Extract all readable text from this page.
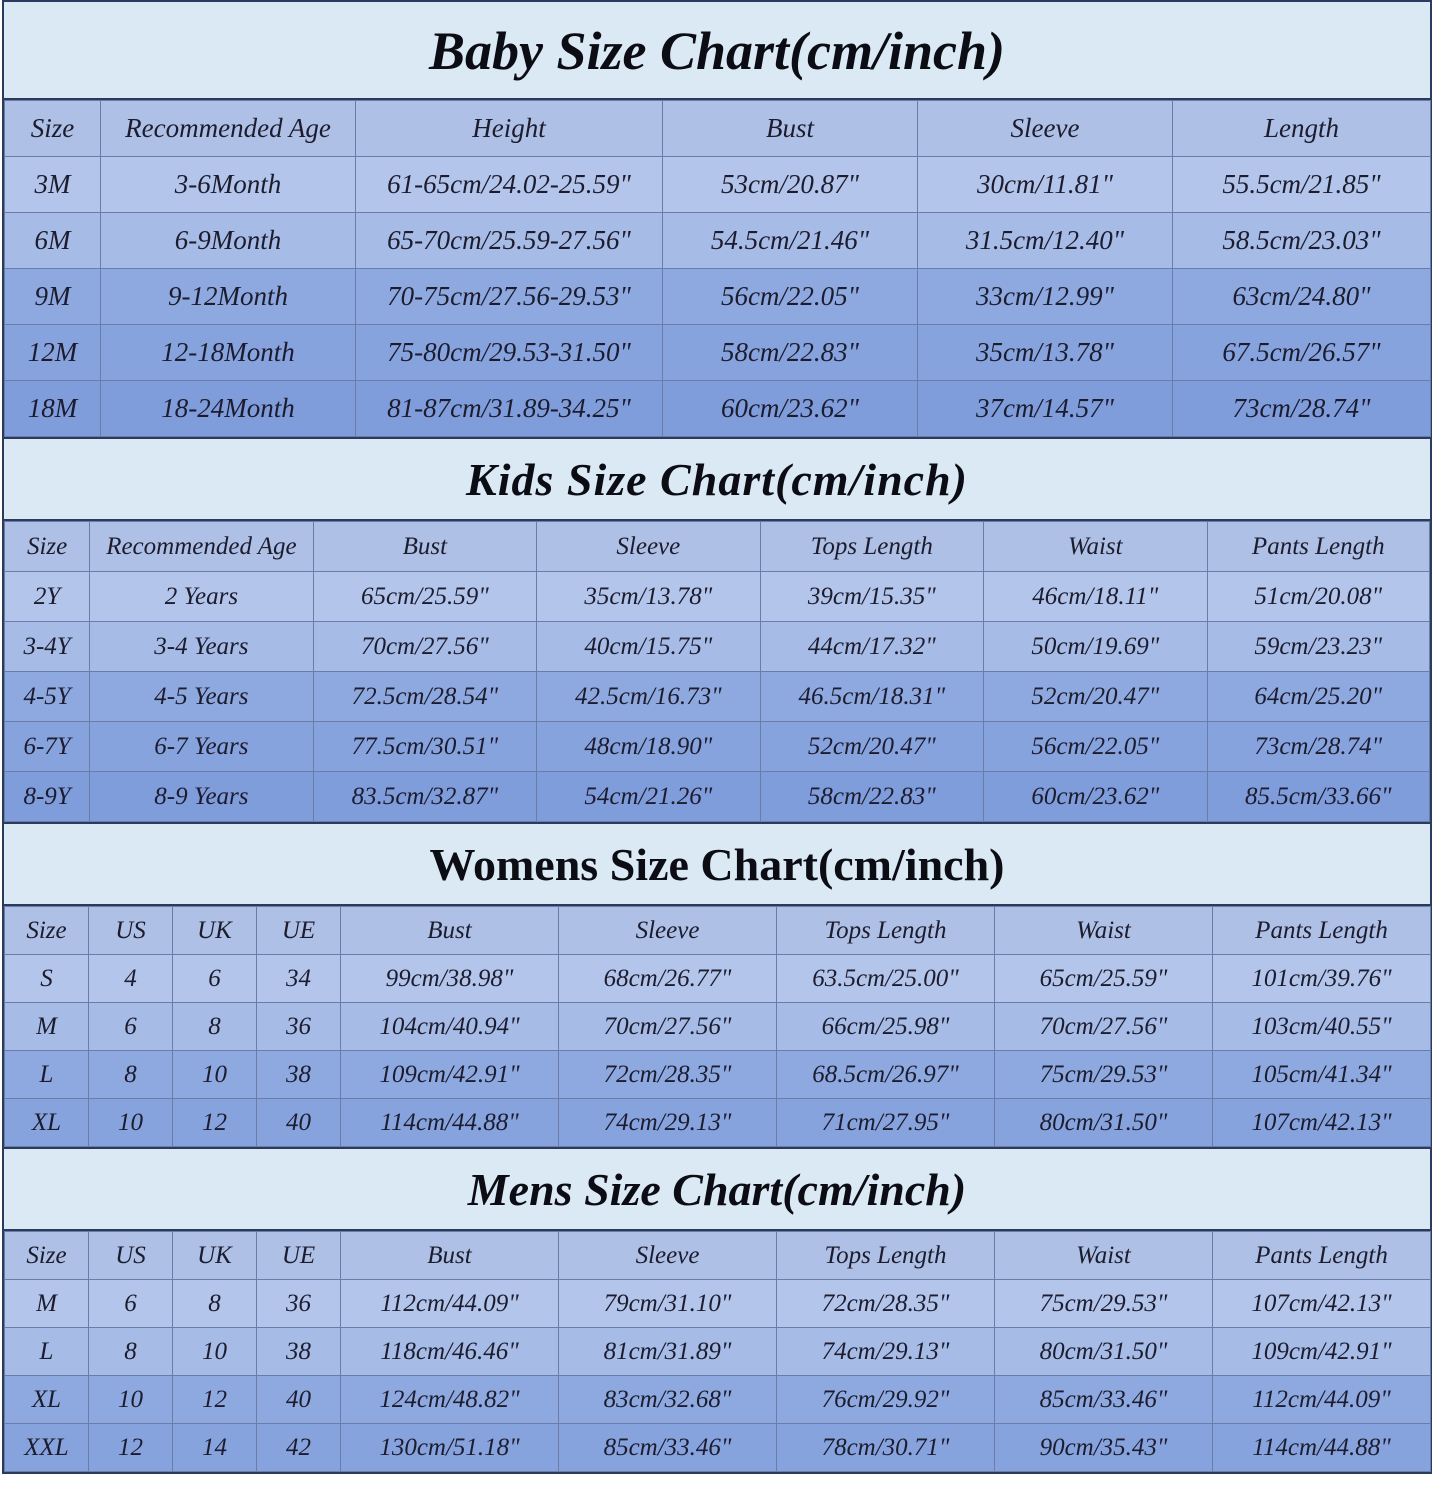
Baby Size Chart(cm/inch)
Size	Recommended Age	Height	Bust	Sleeve	Length
3M	3-6Month	61-65cm/24.02-25.59"	53cm/20.87"	30cm/11.81"	55.5cm/21.85"
6M	6-9Month	65-70cm/25.59-27.56"	54.5cm/21.46"	31.5cm/12.40"	58.5cm/23.03"
9M	9-12Month	70-75cm/27.56-29.53"	56cm/22.05"	33cm/12.99"	63cm/24.80"
12M	12-18Month	75-80cm/29.53-31.50"	58cm/22.83"	35cm/13.78"	67.5cm/26.57"
18M	18-24Month	81-87cm/31.89-34.25"	60cm/23.62"	37cm/14.57"	73cm/28.74"
Kids Size Chart(cm/inch)
Size	Recommended Age	Bust	Sleeve	Tops Length	Waist	Pants Length
2Y	2 Years	65cm/25.59"	35cm/13.78"	39cm/15.35"	46cm/18.11"	51cm/20.08"
3-4Y	3-4 Years	70cm/27.56"	40cm/15.75"	44cm/17.32"	50cm/19.69"	59cm/23.23"
4-5Y	4-5 Years	72.5cm/28.54"	42.5cm/16.73"	46.5cm/18.31"	52cm/20.47"	64cm/25.20"
6-7Y	6-7 Years	77.5cm/30.51"	48cm/18.90"	52cm/20.47"	56cm/22.05"	73cm/28.74"
8-9Y	8-9 Years	83.5cm/32.87"	54cm/21.26"	58cm/22.83"	60cm/23.62"	85.5cm/33.66"
Womens Size Chart(cm/inch)
Size	US	UK	UE	Bust	Sleeve	Tops Length	Waist	Pants Length
S	4	6	34	99cm/38.98"	68cm/26.77"	63.5cm/25.00"	65cm/25.59"	101cm/39.76"
M	6	8	36	104cm/40.94"	70cm/27.56"	66cm/25.98"	70cm/27.56"	103cm/40.55"
L	8	10	38	109cm/42.91"	72cm/28.35"	68.5cm/26.97"	75cm/29.53"	105cm/41.34"
XL	10	12	40	114cm/44.88"	74cm/29.13"	71cm/27.95"	80cm/31.50"	107cm/42.13"
Mens Size Chart(cm/inch)
Size	US	UK	UE	Bust	Sleeve	Tops Length	Waist	Pants Length
M	6	8	36	112cm/44.09"	79cm/31.10"	72cm/28.35"	75cm/29.53"	107cm/42.13"
L	8	10	38	118cm/46.46"	81cm/31.89"	74cm/29.13"	80cm/31.50"	109cm/42.91"
XL	10	12	40	124cm/48.82"	83cm/32.68"	76cm/29.92"	85cm/33.46"	112cm/44.09"
XXL	12	14	42	130cm/51.18"	85cm/33.46"	78cm/30.71"	90cm/35.43"	114cm/44.88"
